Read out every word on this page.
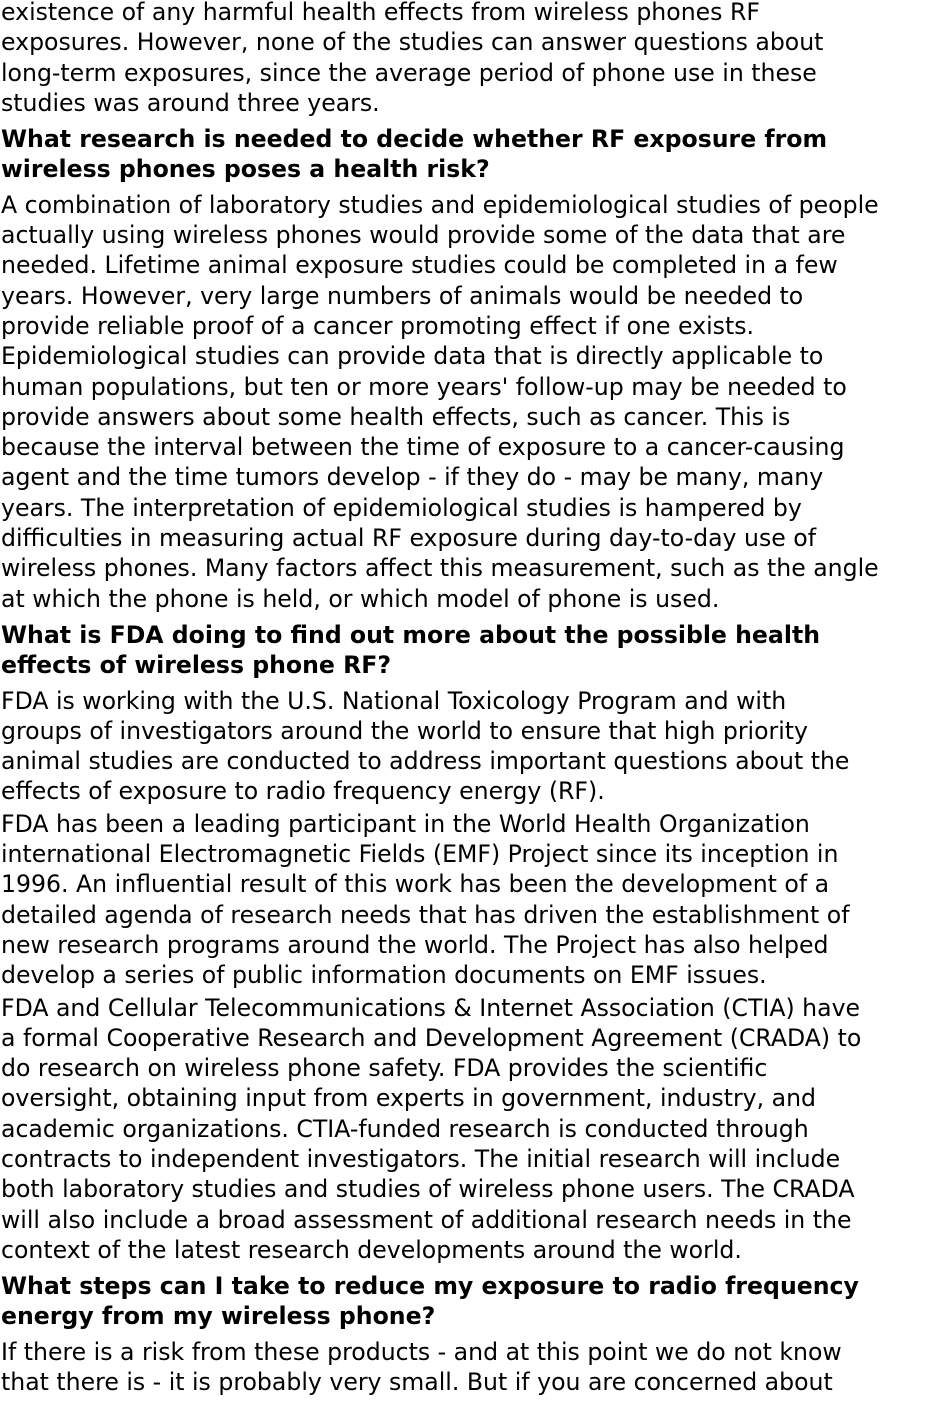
existence of any harmful health effects from wireless phones RF
exposures. However, none of the studies can answer questions about
long-term exposures, since the average period of phone use in these
studies was around three years.

What research is needed to decide whether RF exposure from
wireless phones poses a health risk?

A combination of laboratory studies and epidemiological studies of people
actually using wireless phones would provide some of the data that are
needed. Lifetime animal exposure studies could be completed in a few
years. However, very large numbers of animals would be needed to
provide reliable proof of a cancer promoting effect if one exists.
Epidemiological studies can provide data that is directly applicable to
human populations, but ten or more years' follow-up may be needed to
provide answers about some health effects, such as cancer. This is
because the interval between the time of exposure to a cancer-causing
agent and the time tumors develop - if they do - may be many, many
years. The interpretation of epidemiological studies is hampered by
difficulties in measuring actual RF exposure during day-to-day use of
wireless phones. Many factors affect this measurement, such as the angle
at which the phone is held, or which model of phone is used.

What is FDA doing to find out more about the possible health
effects of wireless phone RF?

FDA is working with the U.S. National Toxicology Program and with
groups of investigators around the world to ensure that high priority
animal studies are conducted to address important questions about the
effects of exposure to radio frequency energy (RF).

FDA has been a leading participant in the World Health Organization
international Electromagnetic Fields (EMF) Project since its inception in
1996. An influential result of this work has been the development of a
detailed agenda of research needs that has driven the establishment of
new research programs around the world. The Project has also helped
develop a series of public information documents on EMF issues.

FDA and Cellular Telecommunications & Internet Association (CTIA) have
a formal Cooperative Research and Development Agreement (CRADA) to
do research on wireless phone safety. FDA provides the scientific
oversight, obtaining input from experts in government, industry, and
academic organizations. CTIA-funded research is conducted through
contracts to independent investigators. The initial research will include
both laboratory studies and studies of wireless phone users. The CRADA
will also include a broad assessment of additional research needs in the
context of the latest research developments around the world.

What steps can I take to reduce my exposure to radio frequency
energy from my wireless phone?

If there is a risk from these products - and at this point we do not know
that there is - it is probably very small. But if you are concerned about
